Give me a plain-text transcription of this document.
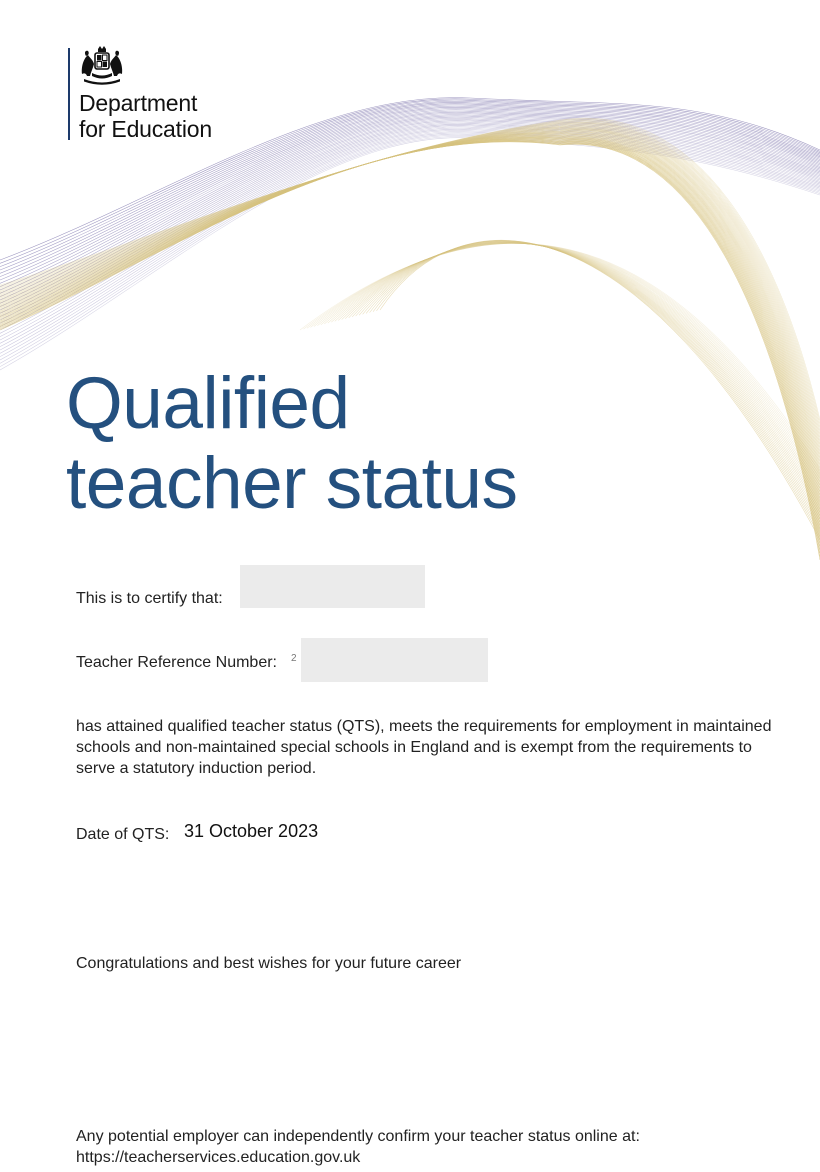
Department
for Education
Qualified
teacher status
This is to certify that:
Teacher Reference Number: 2

has attained qualified teacher status (QTS), meets the requirements for employment in maintained schools and non-maintained special schools in England and is exempt from the requirements to serve a statutory induction period.

Date of QTS: 31 October 2023
Congratulations and best wishes for your future career
Any potential employer can independently confirm your teacher status online at:
https://teacherservices.education.gov.uk
